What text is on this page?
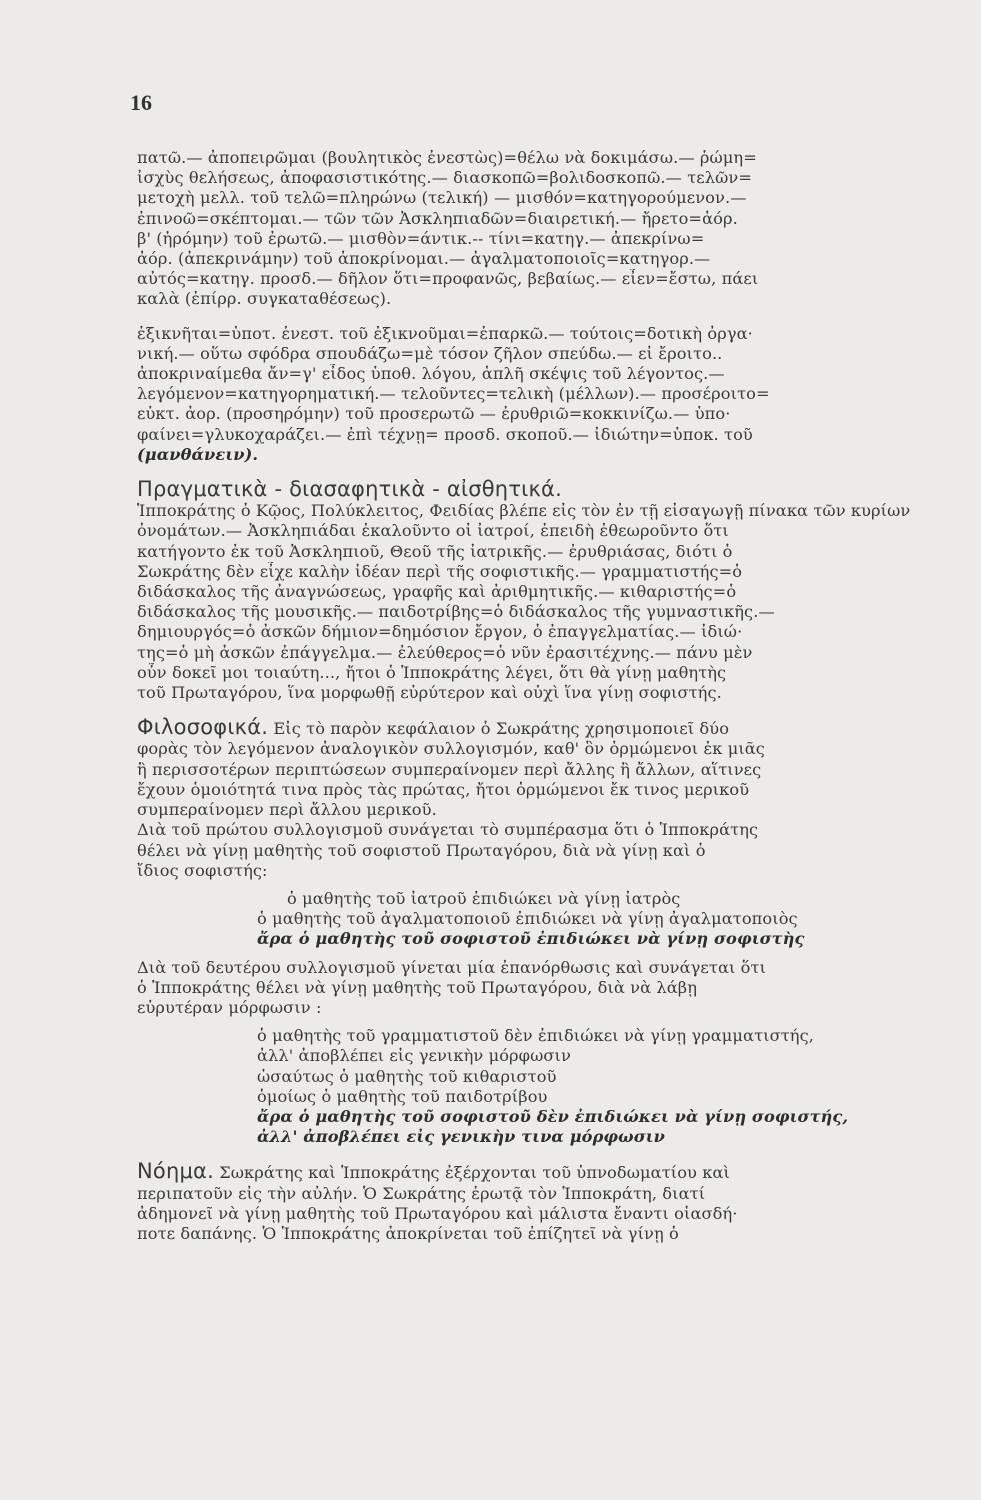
16
πατῶ.— ἀποπειρῶμαι (βουλητικὸς ἐνεστὼς)=θέλω νὰ δοκιμάσω.— ῥώμη=
ἰσχὺς θελήσεως, ἀποφασιστικότης.— διασκοπῶ=βολιδοσκοπῶ.— τελῶν=
μετοχὴ μελλ. τοῦ τελῶ=πληρώνω (τελική) — μισθόν=κατηγορούμενον.—
ἐπινοῶ=σκέπτομαι.— τῶν τῶν Ἀσκληπιαδῶν=διαιρετική.— ἤρετο=ἀόρ.
β' (ἠρόμην) τοῦ ἐρωτῶ.— μισθὸν=άντικ.-- τίνι=κατηγ.— ἀπεκρίνω=
ἀόρ. (ἀπεκρινάμην) τοῦ ἀποκρίνομαι.— ἀγαλματοποιοῖς=κατηγορ.—
αὐτός=κατηγ. προσδ.— δῆλον ὅτι=προφανῶς, βεβαίως.— εἶεν=ἔστω, πάει
καλὰ (ἐπίρρ. συγκαταθέσεως).
ἐξικνῆται=ὑποτ. ἐνεστ. τοῦ ἐξικνοῦμαι=ἐπαρκῶ.— τούτοις=δοτικὴ ὀργα·
νική.— οὕτω σφόδρα σπουδάζω=μὲ τόσον ζῆλον σπεύδω.— εἰ ἔροιτο..
ἀποκριναίμεθα ἄν=γ' εἶδος ὑποθ. λόγου, ἁπλῆ σκέψις τοῦ λέγοντος.—
λεγόμενον=κατηγορηματική.— τελοῦντες=τελικὴ (μέλλων).— προσέροιτο=
εὐκτ. ἀορ. (προσηρόμην) τοῦ προσερωτῶ — ἐρυθριῶ=κοκκινίζω.— ὑπο·
φαίνει=γλυκοχαράζει.— ἐπὶ τέχνῃ= προσδ. σκοποῦ.— ἰδιώτην=ὑποκ. τοῦ
(μανθάνειν).
Πραγματικὰ - διασαφητικὰ - αἰσθητικά.
Ἱπποκράτης ὁ Κῷος, Πολύκλειτος, Φειδίας βλέπε εἰς τὸν ἐν τῇ εἰσαγωγῇ πίνακα τῶν κυρίων
ὀνομάτων.— Ἀσκληπιάδαι ἐκαλοῦντο οἱ ἰατροί, ἐπειδὴ ἐθεωροῦντο ὅτι
κατήγοντο ἐκ τοῦ Ἀσκληπιοῦ, Θεοῦ τῆς ἰατρικῆς.— ἐρυθριάσας, διότι ὁ
Σωκράτης δὲν εἶχε καλὴν ἰδέαν περὶ τῆς σοφιστικῆς.— γραμματιστής=ὁ
διδάσκαλος τῆς ἀναγνώσεως, γραφῆς καὶ ἀριθμητικῆς.— κιθαριστής=ὁ
διδάσκαλος τῆς μουσικῆς.— παιδοτρίβης=ὁ διδάσκαλος τῆς γυμναστικῆς.—
δημιουργός=ὁ ἀσκῶν δήμιον=δημόσιον ἔργον, ὁ ἐπαγγελματίας.— ἰδιώ·
της=ὁ μὴ ἀσκῶν ἐπάγγελμα.— ἐλεύθερος=ὁ νῦν ἐρασιτέχνης.— πάνυ μὲν
οὖν δοκεῖ μοι τοιαύτη..., ἤτοι ὁ Ἱπποκράτης λέγει, ὅτι θὰ γίνῃ μαθητὴς
τοῦ Πρωταγόρου, ἵνα μορφωθῇ εὐρύτερον καὶ οὐχὶ ἵνα γίνῃ σοφιστής.
Φιλοσοφικά. Εἰς τὸ παρὸν κεφάλαιον ὁ Σωκράτης χρησιμοποιεῖ δύο
φορὰς τὸν λεγόμενον ἀναλογικὸν συλλογισμόν, καθ' ὃν ὁρμώμενοι ἐκ μιᾶς
ἢ περισσοτέρων περιπτώσεων συμπεραίνομεν περὶ ἄλλης ἢ ἄλλων, αἵτινες
ἔχουν ὁμοιότητά τινα πρὸς τὰς πρώτας, ἤτοι ὁρμώμενοι ἔκ τινος μερικοῦ
συμπεραίνομεν περὶ ἄλλου μερικοῦ.
Διὰ τοῦ πρώτου συλλογισμοῦ συνάγεται τὸ συμπέρασμα ὅτι ὁ Ἱπποκράτης
θέλει νὰ γίνῃ μαθητὴς τοῦ σοφιστοῦ Πρωταγόρου, διὰ νὰ γίνῃ καὶ ὁ
ἴδιος σοφιστής:
ὁ μαθητὴς τοῦ ἰατροῦ ἐπιδιώκει νὰ γίνῃ ἰατρὸς
ὁ μαθητὴς τοῦ ἀγαλματοποιοῦ ἐπιδιώκει νὰ γίνῃ ἀγαλματοποιὸς
ἄρα ὁ μαθητὴς τοῦ σοφιστοῦ ἐπιδιώκει νὰ γίνῃ σοφιστὴς
Διὰ τοῦ δευτέρου συλλογισμοῦ γίνεται μία ἐπανόρθωσις καὶ συνάγεται ὅτι
ὁ Ἱπποκράτης θέλει νὰ γίνῃ μαθητὴς τοῦ Πρωταγόρου, διὰ νὰ λάβῃ
εὐρυτέραν μόρφωσιν :
ὁ μαθητὴς τοῦ γραμματιστοῦ δὲν ἐπιδιώκει νὰ γίνῃ γραμματιστής,
ἀλλ' ἀποβλέπει εἰς γενικὴν μόρφωσιν
ὡσαύτως ὁ μαθητὴς τοῦ κιθαριστοῦ
ὁμοίως ὁ μαθητὴς τοῦ παιδοτρίβου
ἄρα ὁ μαθητὴς τοῦ σοφιστοῦ δὲν ἐπιδιώκει νὰ γίνῃ σοφιστής,
ἀλλ' ἀποβλέπει εἰς γενικὴν τινα μόρφωσιν
Νόημα. Σωκράτης καὶ Ἱπποκράτης ἐξέρχονται τοῦ ὑπνοδωματίου καὶ
περιπατοῦν εἰς τὴν αὐλήν. Ὁ Σωκράτης ἐρωτᾷ τὸν Ἱπποκράτη, διατί
ἀδημονεῖ νὰ γίνῃ μαθητὴς τοῦ Πρωταγόρου καὶ μάλιστα ἔναντι οἱασδή·
ποτε δαπάνης. Ὁ Ἱπποκράτης ἀποκρίνεται τοῦ ἐπίζητεῖ νὰ γίνῃ ὁ
